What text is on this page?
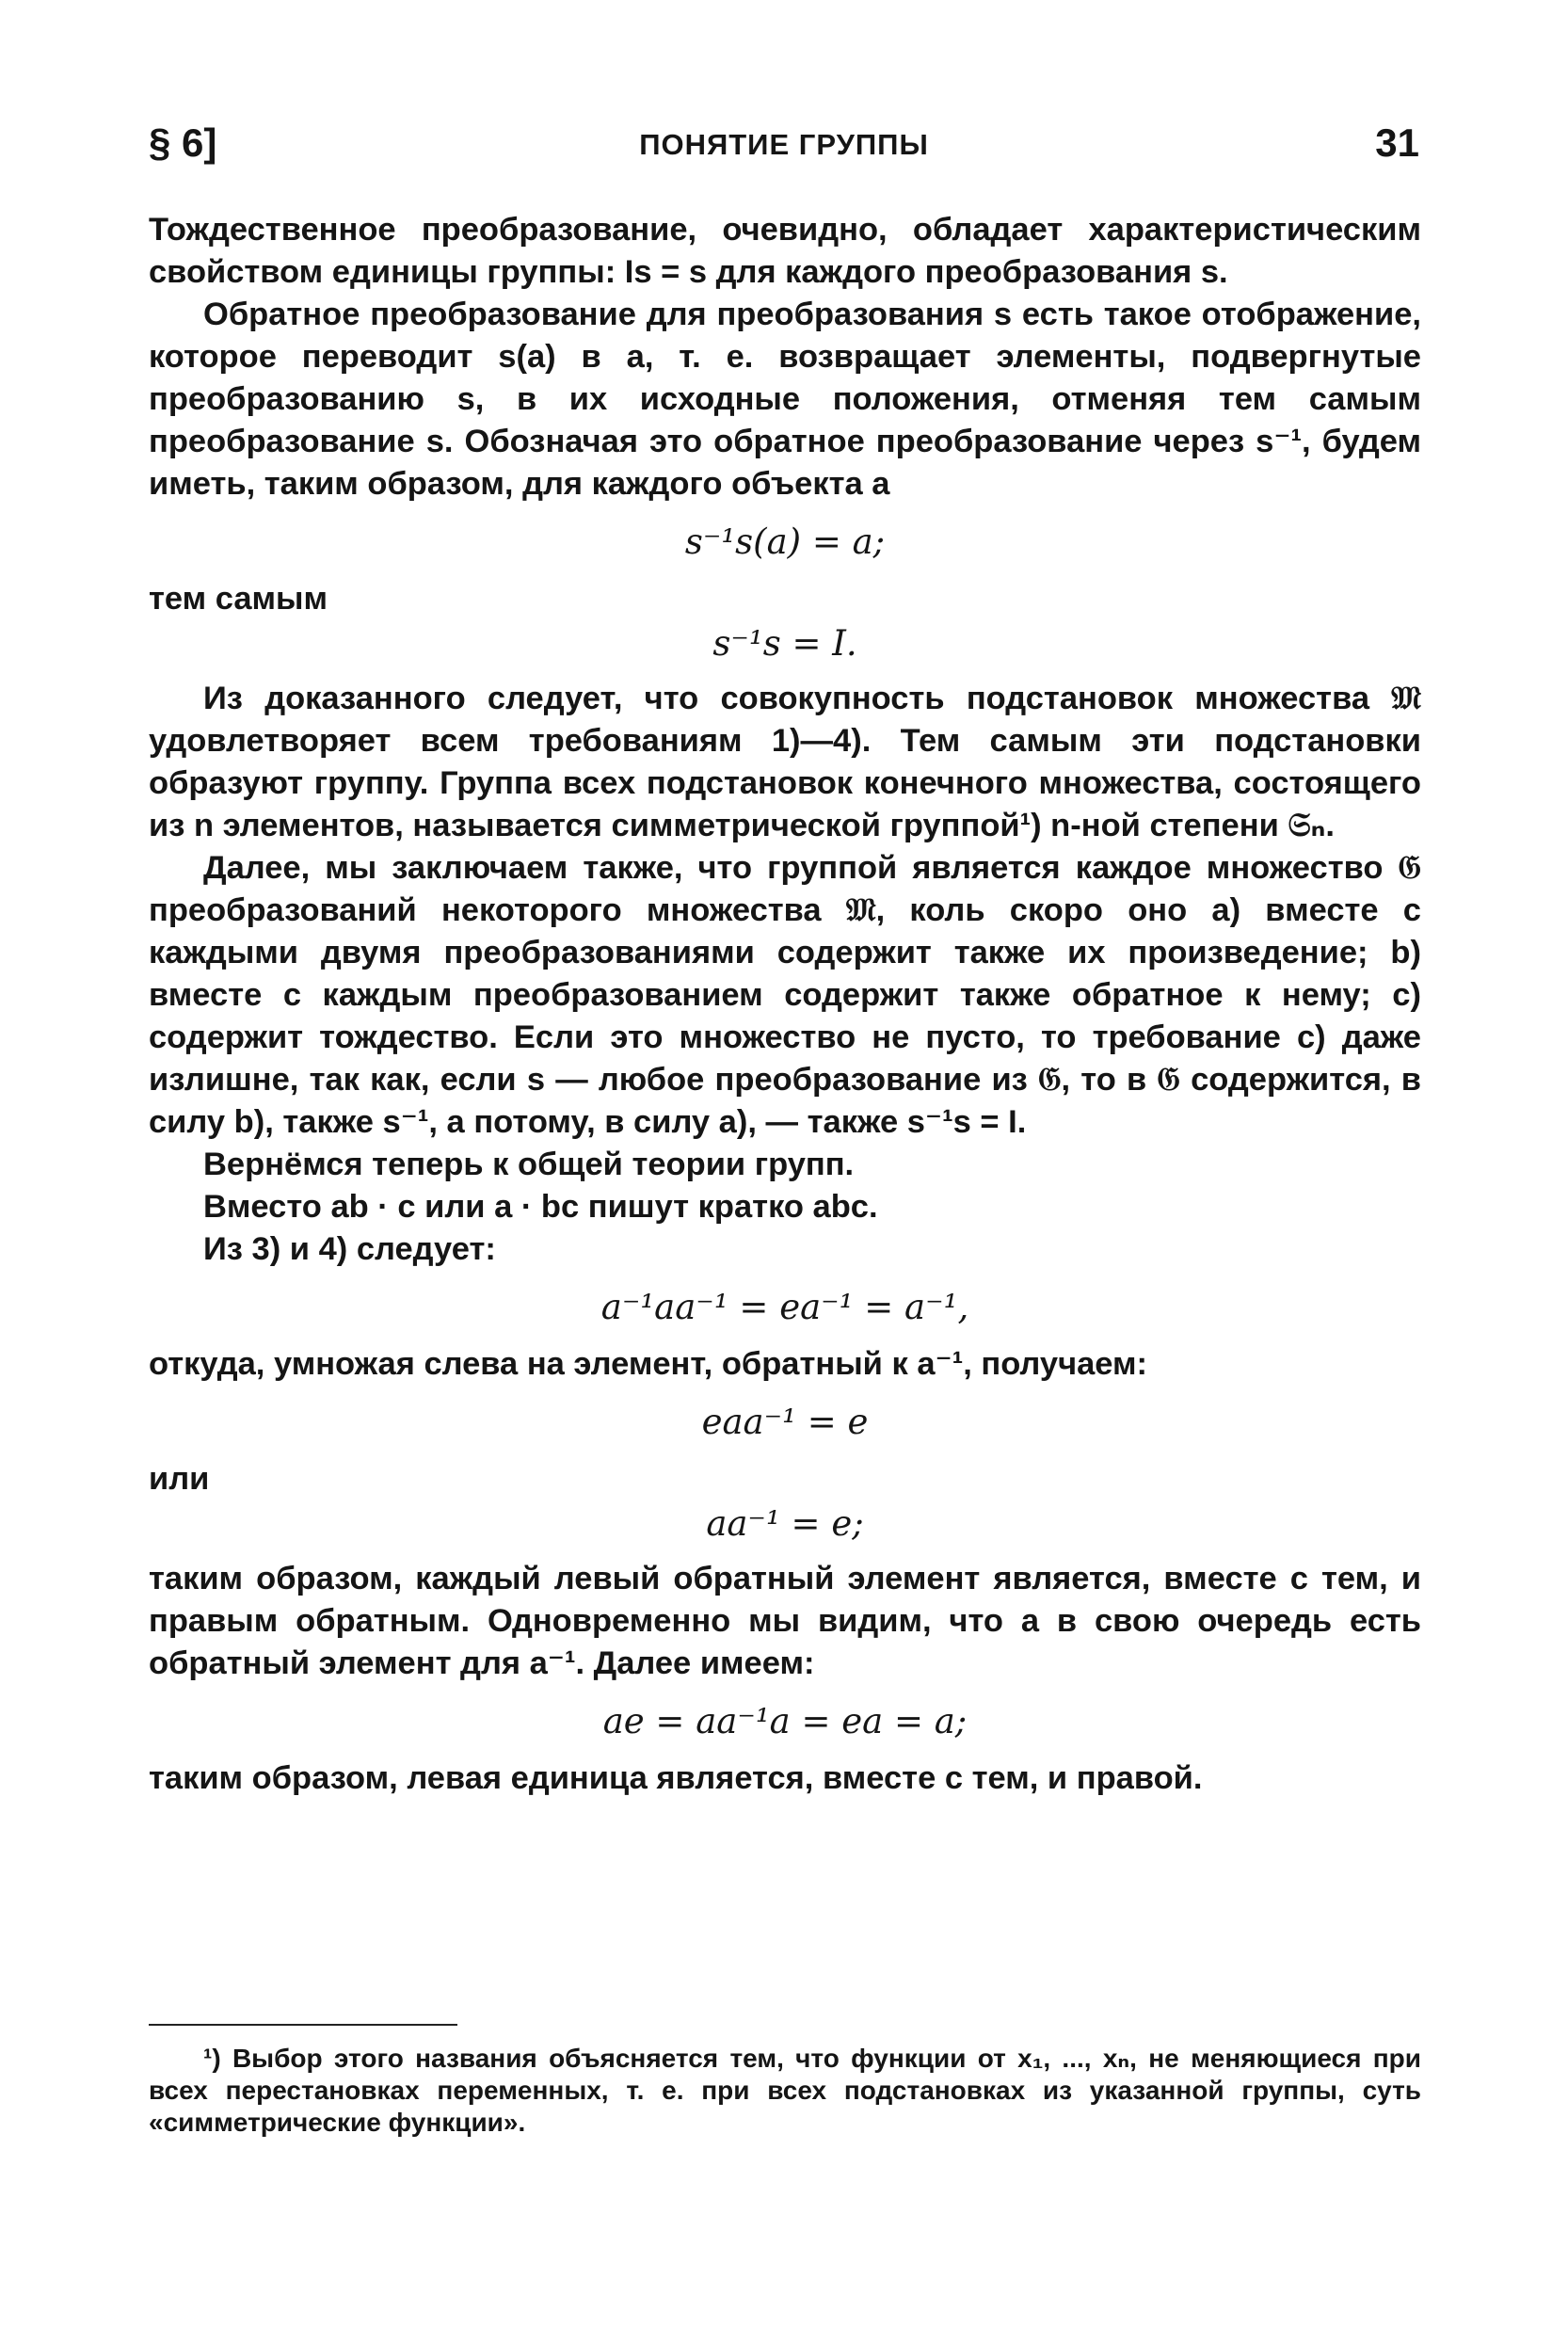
§ 6]	ПОНЯТИЕ ГРУППЫ	31

Тождественное преобразование, очевидно, обладает характеристическим свойством единицы группы: Is = s для каждого преобразования s.

Обратное преобразование для преобразования s есть такое отображение, которое переводит s(a) в a, т. е. возвращает элементы, подвергнутые преобразованию s, в их исходные положения, отменяя тем самым преобразование s. Обозначая это обратное преобразование через s⁻¹, будем иметь, таким образом, для каждого объекта a

s⁻¹s(a) = a;

тем самым

s⁻¹s = I.

Из доказанного следует, что совокупность подстановок множества 𝔐 удовлетворяет всем требованиям 1)—4). Тем самым эти подстановки образуют группу. Группа всех подстановок конечного множества, состоящего из n элементов, называется симметрической группой¹) n-ной степени 𝔖ₙ.

Далее, мы заключаем также, что группой является каждое множество 𝔊 преобразований некоторого множества 𝔐, коль скоро оно a) вместе с каждыми двумя преобразованиями содержит также их произведение; b) вместе с каждым преобразованием содержит также обратное к нему; c) содержит тождество. Если это множество не пусто, то требование c) даже излишне, так как, если s — любое преобразование из 𝔊, то в 𝔊 содержится, в силу b), также s⁻¹, а потому, в силу a), — также s⁻¹s = I.

Вернёмся теперь к общей теории групп.

Вместо ab · c или a · bc пишут кратко abc.

Из 3) и 4) следует:

a⁻¹aa⁻¹ = ea⁻¹ = a⁻¹,

откуда, умножая слева на элемент, обратный к a⁻¹, получаем:

eaa⁻¹ = e

или

aa⁻¹ = e;

таким образом, каждый левый обратный элемент является, вместе с тем, и правым обратным. Одновременно мы видим, что a в свою очередь есть обратный элемент для a⁻¹. Далее имеем:

ae = aa⁻¹a = ea = a;

таким образом, левая единица является, вместе с тем, и правой.

¹) Выбор этого названия объясняется тем, что функции от x₁, ..., xₙ, не меняющиеся при всех перестановках переменных, т. е. при всех подстановках из указанной группы, суть «симметрические функции».
